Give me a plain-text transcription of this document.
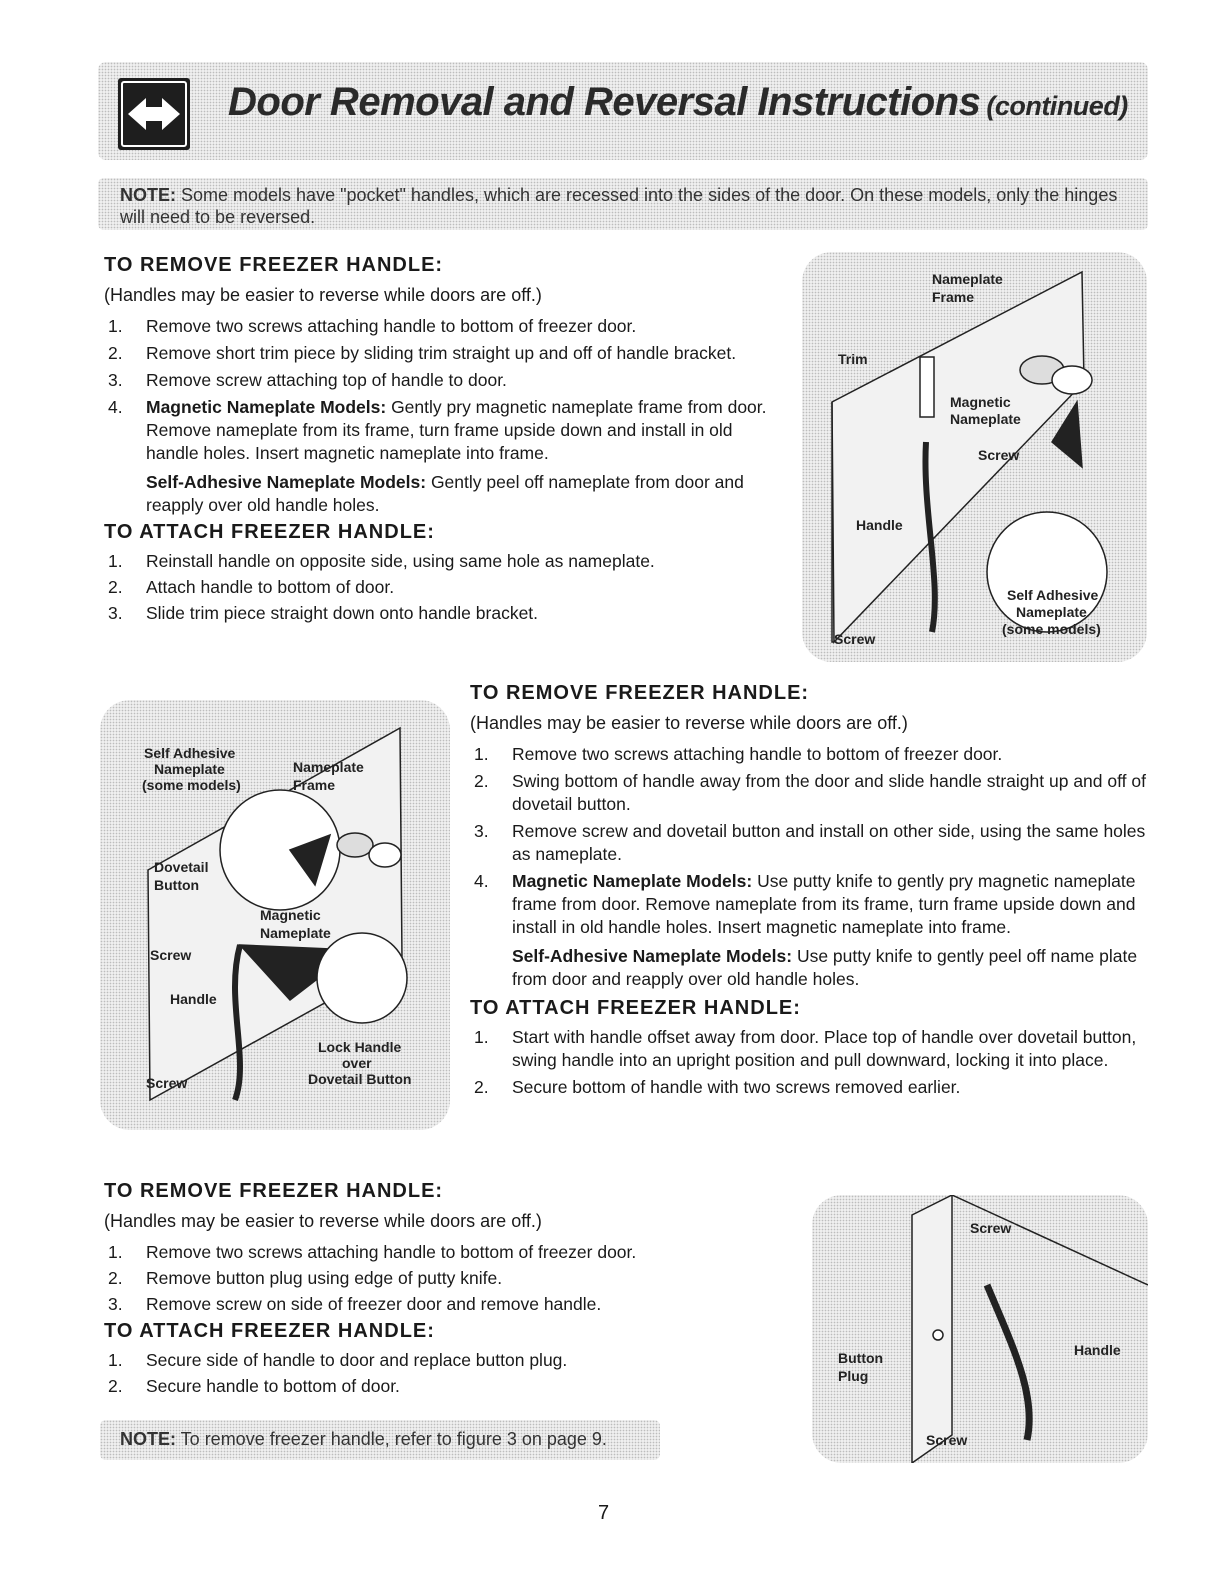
Door Removal and Reversal Instructions (continued)
NOTE: Some models have "pocket" handles, which are recessed into the sides of the door. On these models, only the hinges will need to be reversed.

TO REMOVE FREEZER HANDLE:

(Handles may be easier to reverse while doors are off.)

1. Remove two screws attaching handle to bottom of freezer door.
2. Remove short trim piece by sliding trim straight up and off of handle bracket.
3. Remove screw attaching top of handle to door.
4. Magnetic Nameplate Models: Gently pry magnetic nameplate frame from door. Remove nameplate from its frame, turn frame upside down and install in old handle holes. Insert magnetic nameplate into frame.
Self-Adhesive Nameplate Models: Gently peel off nameplate from door and reapply over old handle holes.

TO ATTACH FREEZER HANDLE:

1. Reinstall handle on opposite side, using same hole as nameplate.
2. Attach handle to bottom of door.
3. Slide trim piece straight down onto handle bracket.
Nameplate
Frame
Trim
Magnetic
Nameplate
Screw
Handle
Self Adhesive
Nameplate
(some models)
Screw

TO REMOVE FREEZER HANDLE:

(Handles may be easier to reverse while doors are off.)

1. Remove two screws attaching handle to bottom of freezer door.
2. Swing bottom of handle away from the door and slide handle straight up and off of dovetail button.
3. Remove screw and dovetail button and install on other side, using the same holes as nameplate.
4. Magnetic Nameplate Models: Use putty knife to gently pry magnetic nameplate frame from door. Remove nameplate from its frame, turn frame upside down and install in old handle holes. Insert magnetic nameplate into frame.
Self-Adhesive Nameplate Models: Use putty knife to gently peel off name plate from door and reapply over old handle holes.

TO ATTACH FREEZER HANDLE:

1. Start with handle offset away from door. Place top of handle over dovetail button, swing handle into an upright position and pull downward, locking it into place.
2. Secure bottom of handle with two screws removed earlier.
Self Adhesive
Nameplate
(some models)
Nameplate
Frame
Dovetail
Button
Magnetic
Nameplate
Screw
Handle
Lock Handle
over
Dovetail Button
Screw

TO REMOVE FREEZER HANDLE:

(Handles may be easier to reverse while doors are off.)

1. Remove two screws attaching handle to bottom of freezer door.
2. Remove button plug using edge of putty knife.
3. Remove screw on side of freezer door and remove handle.

TO ATTACH FREEZER HANDLE:

1. Secure side of handle to door and replace button plug.
2. Secure handle to bottom of door.
Screw
Button
Plug
Handle
Screw
NOTE: To remove freezer handle, refer to figure 3 on page 9.
7
